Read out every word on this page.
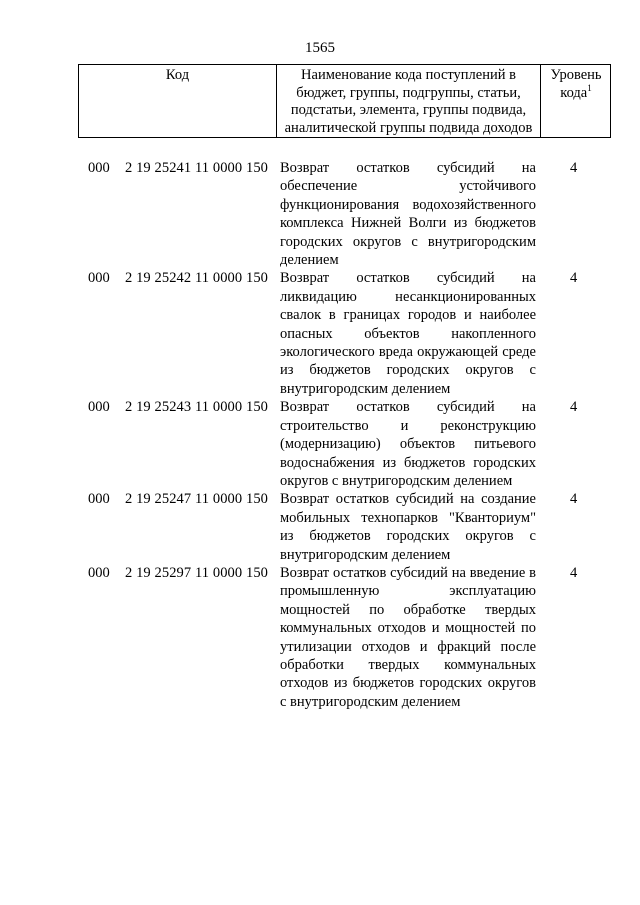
1565
Код	Наименование кода поступлений в бюджет, группы, подгруппы, статьи, подстатьи, элемента, группы подвида, аналитической группы подвида доходов
Уровень кода$^1$
000 2 19 25241 11 0000 150 Возврат остатков субсидий на обеспечение устойчивого функционирования водохозяйственного комплекса Нижней Волги из бюджетов городских округов с внутригородским делением
4
000 2 19 25242 11 0000 150 Возврат остатков субсидий на ликвидацию несанкционированных свалок в границах городов и наиболее опасных объектов накопленного экологического вреда окружающей среде из бюджетов городских округов с внутригородским делением
4
000 2 19 25243 11 0000 150 Возврат остатков субсидий на строительство и реконструкцию (модернизацию) объектов питьевого водоснабжения из бюджетов городских округов с внутригородским делением
4
000 2 19 25247 11 0000 150 Возврат остатков субсидий на создание мобильных технопарков "Кванториум" из бюджетов городских округов с внутригородским делением
4
000 2 19 25297 11 0000 150 Возврат остатков субсидий на введение в промышленную эксплуатацию мощностей по обработке твердых коммунальных отходов и мощностей по утилизации отходов и фракций после обработки твердых коммунальных отходов из бюджетов городских округов с внутригородским делением
4
